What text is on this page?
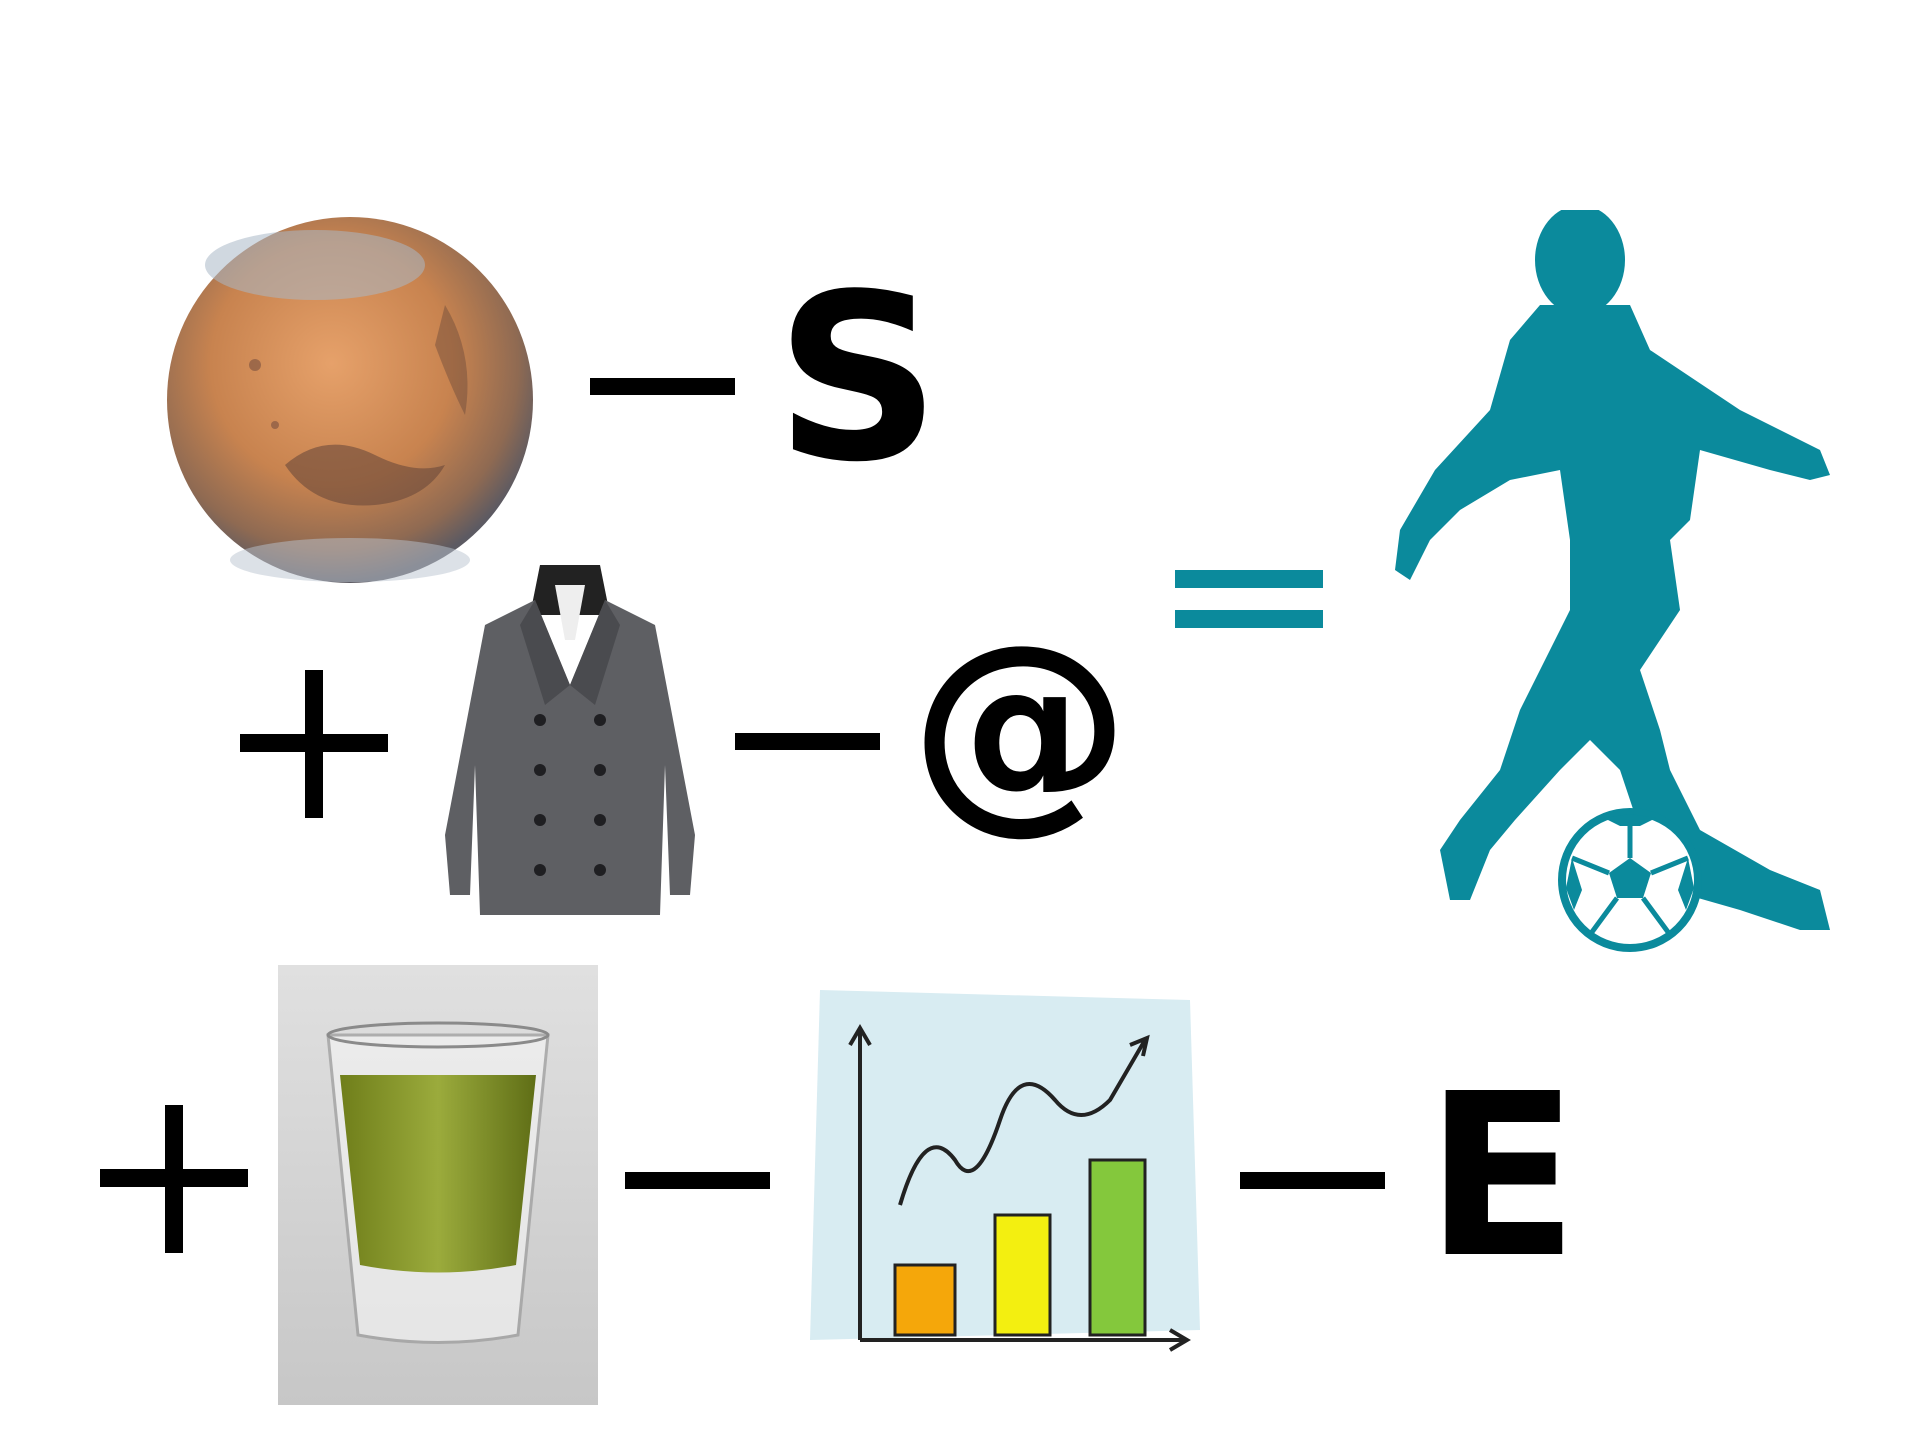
S
@
E
